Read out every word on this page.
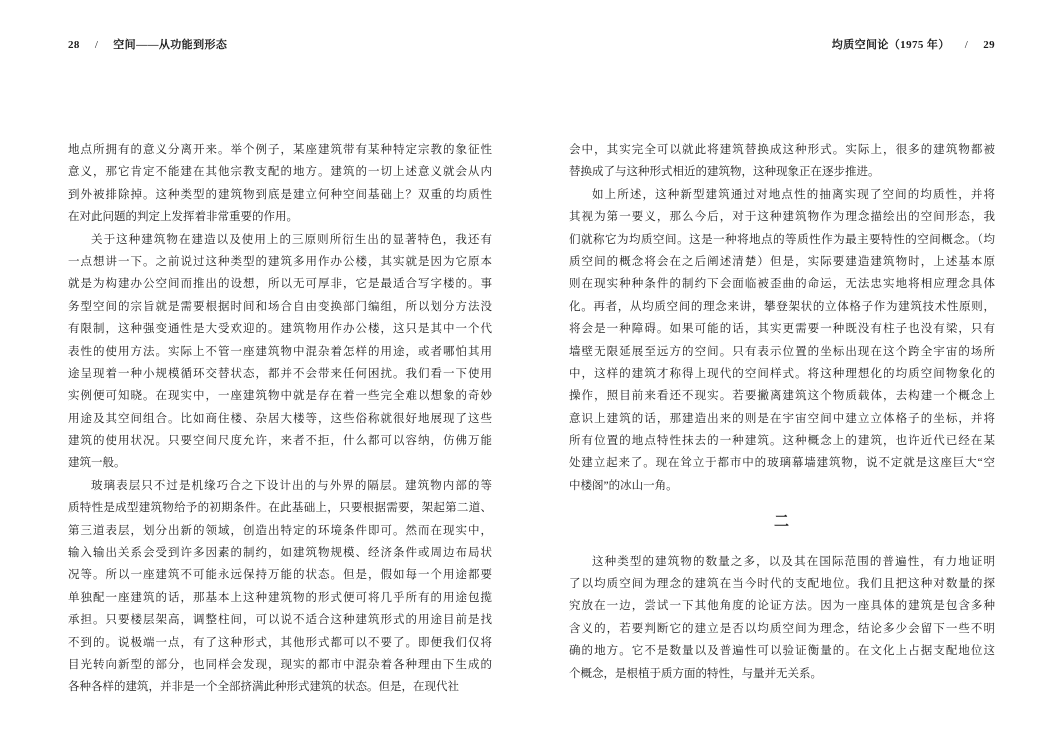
28 / 空间——从功能到形态
地点所拥有的意义分离开来。举个例子，某座建筑带有某种特定宗教的象征性
意义，那它肯定不能建在其他宗教支配的地方。建筑的一切上述意义就会从内
到外被排除掉。这种类型的建筑物到底是建立何种空间基础上？双重的均质性
在对此问题的判定上发挥着非常重要的作用。
关于这种建筑物在建造以及使用上的三原则所衍生出的显著特色，我还有
一点想讲一下。之前说过这种类型的建筑多用作办公楼，其实就是因为它原本
就是为构建办公空间而推出的设想，所以无可厚非，它是最适合写字楼的。事
务型空间的宗旨就是需要根据时间和场合自由变换部门编组，所以划分方法没
有限制，这种强变通性是大受欢迎的。建筑物用作办公楼，这只是其中一个代
表性的使用方法。实际上不管一座建筑物中混杂着怎样的用途，或者哪怕其用
途呈现着一种小规模循环交替状态，都并不会带来任何困扰。我们看一下使用
实例便可知晓。在现实中，一座建筑物中就是存在着一些完全难以想象的奇妙
用途及其空间组合。比如商住楼、杂居大楼等，这些俗称就很好地展现了这些
建筑的使用状况。只要空间尺度允许，来者不拒，什么都可以容纳，仿佛万能
建筑一般。
玻璃表层只不过是机缘巧合之下设计出的与外界的隔层。建筑物内部的等
质特性是成型建筑物给予的初期条件。在此基础上，只要根据需要，架起第二道、
第三道表层，划分出新的领域，创造出特定的环境条件即可。然而在现实中，
输入输出关系会受到许多因素的制约，如建筑物规模、经济条件或周边布局状
况等。所以一座建筑不可能永远保持万能的状态。但是，假如每一个用途都要
单独配一座建筑的话，那基本上这种建筑物的形式便可将几乎所有的用途包揽
承担。只要楼层架高，调整柱间，可以说不适合这种建筑形式的用途目前是找
不到的。说极端一点，有了这种形式，其他形式都可以不要了。即便我们仅将
目光转向新型的部分，也同样会发现，现实的都市中混杂着各种理由下生成的
各种各样的建筑，并非是一个全部挤满此种形式建筑的状态。但是，在现代社
均质空间论（1975 年） / 29
会中，其实完全可以就此将建筑替换成这种形式。实际上，很多的建筑物都被
替换成了与这种形式相近的建筑物，这种现象正在逐步推进。
如上所述，这种新型建筑通过对地点性的抽离实现了空间的均质性，并将
其视为第一要义，那么今后，对于这种建筑物作为理念描绘出的空间形态，我
们就称它为均质空间。这是一种将地点的等质性作为最主要特性的空间概念。（均
质空间的概念将会在之后阐述清楚）但是，实际要建造建筑物时，上述基本原
则在现实种种条件的制约下会面临被歪曲的命运，无法忠实地将相应理念具体
化。再者，从均质空间的理念来讲，攀登架状的立体格子作为建筑技术性原则，
将会是一种障碍。如果可能的话，其实更需要一种既没有柱子也没有梁，只有
墙壁无限延展至远方的空间。只有表示位置的坐标出现在这个跨全宇宙的场所
中，这样的建筑才称得上现代的空间样式。将这种理想化的均质空间物象化的
操作，照目前来看还不现实。若要撇离建筑这个物质载体，去构建一个概念上
意识上建筑的话，那建造出来的则是在宇宙空间中建立立体格子的坐标，并将
所有位置的地点特性抹去的一种建筑。这种概念上的建筑，也许近代已经在某
处建立起来了。现在耸立于都市中的玻璃幕墙建筑物，说不定就是这座巨大“空
中楼阁”的冰山一角。
二
这种类型的建筑物的数量之多，以及其在国际范围的普遍性，有力地证明
了以均质空间为理念的建筑在当今时代的支配地位。我们且把这种对数量的探
究放在一边，尝试一下其他角度的论证方法。因为一座具体的建筑是包含多种
含义的，若要判断它的建立是否以均质空间为理念，结论多少会留下一些不明
确的地方。它不是数量以及普遍性可以验证衡量的。在文化上占据支配地位这
个概念，是根植于质方面的特性，与量并无关系。
